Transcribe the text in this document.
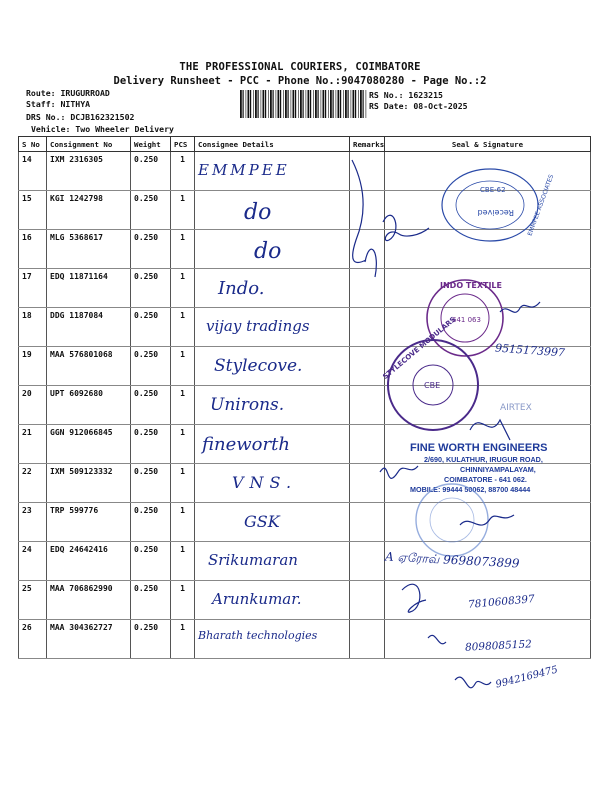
THE PROFESSIONAL COURIERS, COIMBATORE
Delivery Runsheet - PCC - Phone No.:9047080280 - Page No.:2
Route: IRUGURROAD
Staff: NITHYA
DRS No.: DCJB162321502
Vehicle: Two Wheeler Delivery
RS No.: 1623215
RS Date: 08-Oct-2025
S No	Consignment No	Weight	PCS	Consignee Details	Remarks	Seal & Signature
14	IXM 2316305	0.250	1	EMMPEE		

15	KGI 1242798	0.250	1	do		

16	MLG 5368617	0.250	1	do		

17	EDQ 11871164	0.250	1	Indo.		

18	DDG 1187084	0.250	1	vijay tradings		

19	MAA 576801068	0.250	1	Stylecove.		

20	UPT 6092680	0.250	1	Unirons.		

21	GGN 912066845	0.250	1	fineworth		

22	IXM 509123332	0.250	1	VNS.		

23	TRP 599776	0.250	1	GSK		

24	EDQ 24642416	0.250	1	Srikumaran		

25	MAA 706862990	0.250	1	Arunkumar.		

26	MAA 304362727	0.250	1	Bharath technologies		

CBE-62
Received EMMPEE ASSOCIATES
INDO TEXTILE
641 063
STYLECOVE MODULARS
CBE
AIRTEX
FINE WORTH ENGINEERS
2/690, KULATHUR, IRUGUR ROAD,
CHINNIYAMPALAYAM,
COIMBATORE - 641 062.
MOBILE: 99444 50062, 88700 48444
9515173997
A ஏரோவ் 9698073899
7810608397
8098085152
9942169475
